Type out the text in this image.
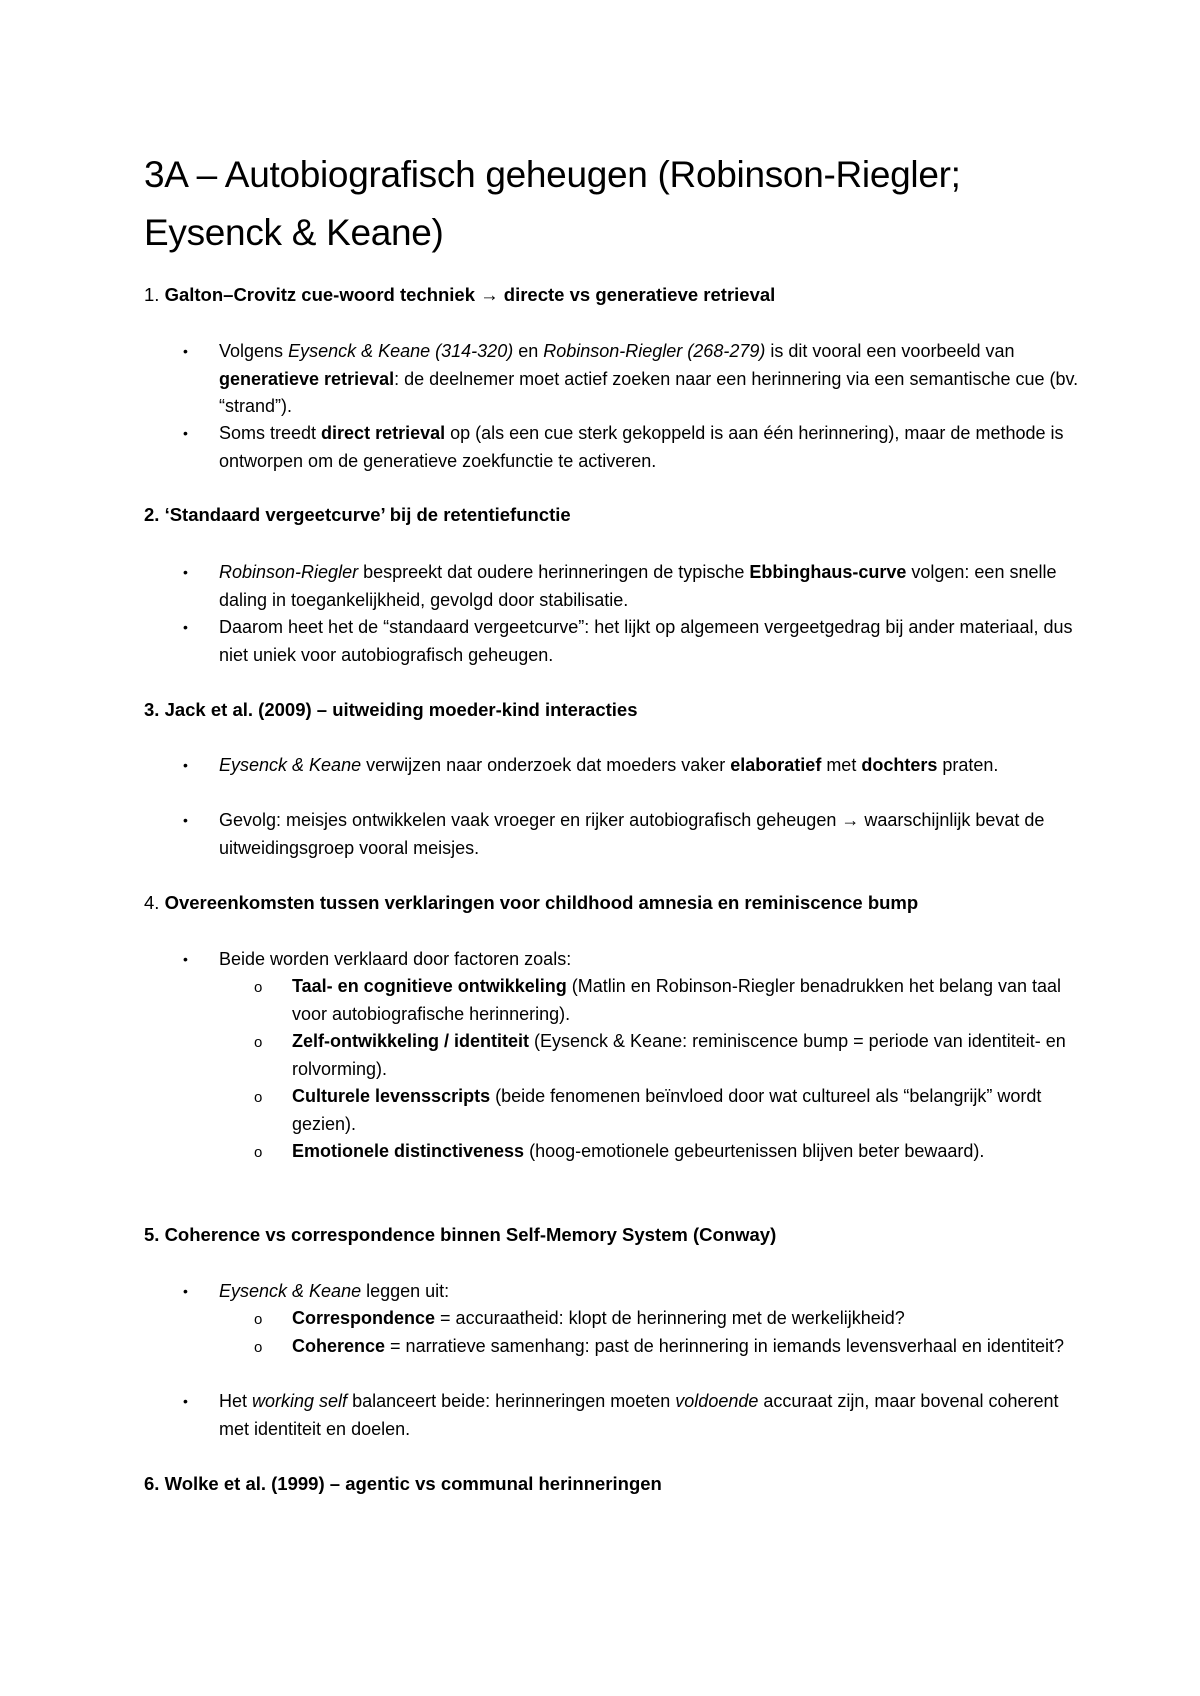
3A – Autobiografisch geheugen (Robinson-Riegler; Eysenck & Keane)
1. Galton–Crovitz cue-woord techniek → directe vs generatieve retrieval

• Volgens Eysenck & Keane (314-320) en Robinson-Riegler (268-279) is dit vooral een voorbeeld van generatieve retrieval: de deelnemer moet actief zoeken naar een herinnering via een semantische cue (bv. “strand”).

• Soms treedt direct retrieval op (als een cue sterk gekoppeld is aan één herinnering), maar de methode is ontworpen om de generatieve zoekfunctie te activeren.

2. ‘Standaard vergeetcurve’ bij de retentiefunctie

• Robinson-Riegler bespreekt dat oudere herinneringen de typische Ebbinghaus-curve volgen: een snelle daling in toegankelijkheid, gevolgd door stabilisatie.

• Daarom heet het de “standaard vergeetcurve”: het lijkt op algemeen vergeetgedrag bij ander materiaal, dus niet uniek voor autobiografisch geheugen.

3. Jack et al. (2009) – uitweiding moeder-kind interacties

• Eysenck & Keane verwijzen naar onderzoek dat moeders vaker elaboratief met dochters praten.

• Gevolg: meisjes ontwikkelen vaak vroeger en rijker autobiografisch geheugen → waarschijnlijk bevat de uitweidingsgroep vooral meisjes.

4. Overeenkomsten tussen verklaringen voor childhood amnesia en reminiscence bump

• Beide worden verklaard door factoren zoals:

o Taal- en cognitieve ontwikkeling (Matlin en Robinson-Riegler benadrukken het belang van taal voor autobiografische herinnering).

o Zelf-ontwikkeling / identiteit (Eysenck & Keane: reminiscence bump = periode van identiteit- en rolvorming).

o Culturele levensscripts (beide fenomenen beïnvloed door wat cultureel als “belangrijk” wordt gezien).

o Emotionele distinctiveness (hoog-emotionele gebeurtenissen blijven beter bewaard).

5. Coherence vs correspondence binnen Self-Memory System (Conway)

• Eysenck & Keane leggen uit:

o Correspondence = accuraatheid: klopt de herinnering met de werkelijkheid?

o Coherence = narratieve samenhang: past de herinnering in iemands levensverhaal en identiteit?

• Het working self balanceert beide: herinneringen moeten voldoende accuraat zijn, maar bovenal coherent met identiteit en doelen.

6. Wolke et al. (1999) – agentic vs communal herinneringen
